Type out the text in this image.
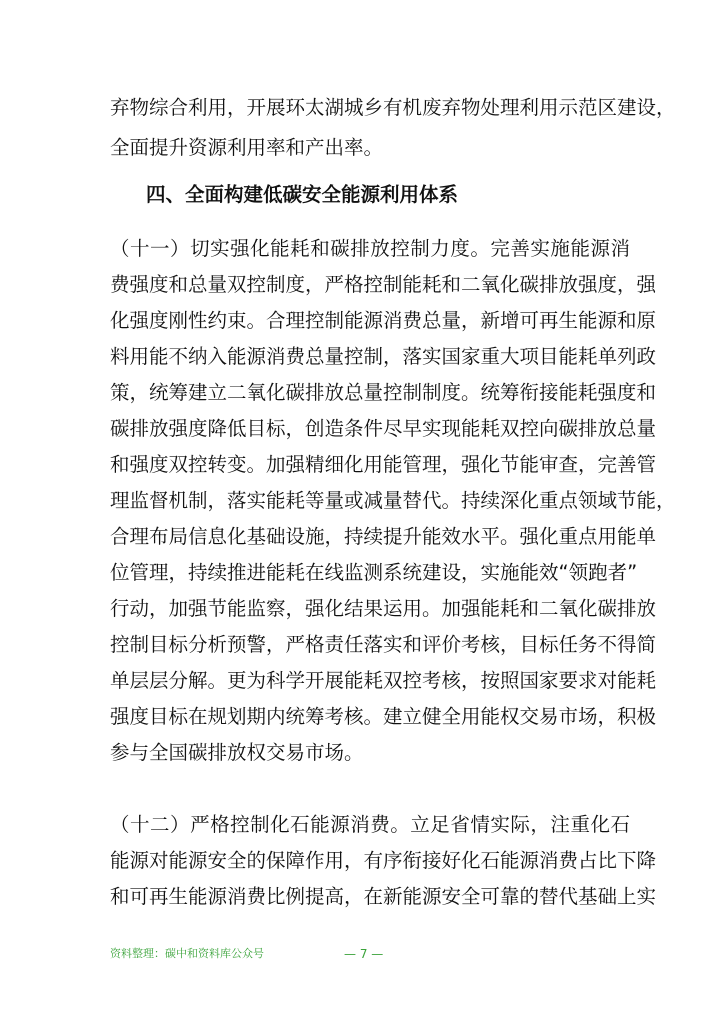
弃物综合利用，开展环太湖城乡有机废弃物处理利用示范区建设，
全面提升资源利用率和产出率。
四、全面构建低碳安全能源利用体系
（十一）切实强化能耗和碳排放控制力度。完善实施能源消
费强度和总量双控制度，严格控制能耗和二氧化碳排放强度，强
化强度刚性约束。合理控制能源消费总量，新增可再生能源和原
料用能不纳入能源消费总量控制，落实国家重大项目能耗单列政
策，统筹建立二氧化碳排放总量控制制度。统筹衔接能耗强度和
碳排放强度降低目标，创造条件尽早实现能耗双控向碳排放总量
和强度双控转变。加强精细化用能管理，强化节能审查，完善管
理监督机制，落实能耗等量或减量替代。持续深化重点领域节能，
合理布局信息化基础设施，持续提升能效水平。强化重点用能单
位管理，持续推进能耗在线监测系统建设，实施能效“领跑者”
行动，加强节能监察，强化结果运用。加强能耗和二氧化碳排放
控制目标分析预警，严格责任落实和评价考核，目标任务不得简
单层层分解。更为科学开展能耗双控考核，按照国家要求对能耗
强度目标在规划期内统筹考核。建立健全用能权交易市场，积极
参与全国碳排放权交易市场。
（十二）严格控制化石能源消费。立足省情实际，注重化石
能源对能源安全的保障作用，有序衔接好化石能源消费占比下降
和可再生能源消费比例提高，在新能源安全可靠的替代基础上实
资料整理：碳中和资料库公众号	— 7 —
